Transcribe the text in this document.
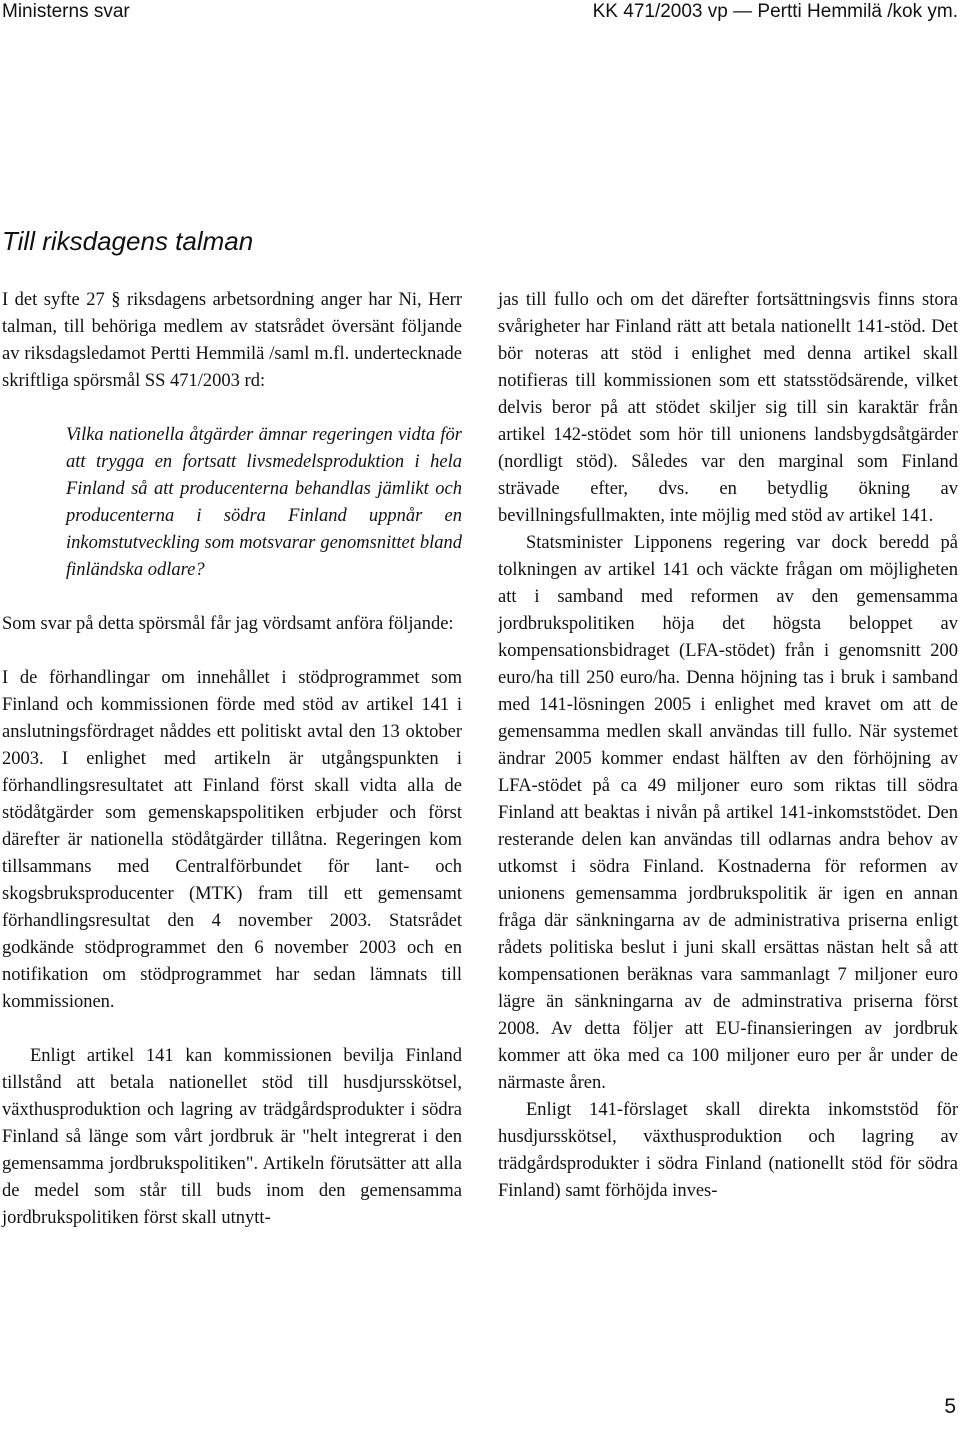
Ministerns svar	KK 471/2003 vp — Pertti Hemmilä /kok ym.
Till riksdagens talman

I det syfte 27 § riksdagens arbetsordning anger har Ni, Herr talman, till behöriga medlem av statsrådet översänt följande av riksdagsledamot Pertti Hemmilä /saml m.fl. undertecknade skriftliga spörsmål SS 471/2003 rd:

Vilka nationella åtgärder ämnar regeringen vidta för att trygga en fortsatt livsmedelsproduktion i hela Finland så att producenterna behandlas jämlikt och producenterna i södra Finland uppnår en inkomstutveckling som motsvarar genomsnittet bland finländska odlare?

Som svar på detta spörsmål får jag vördsamt anföra följande:

I de förhandlingar om innehållet i stödprogrammet som Finland och kommissionen förde med stöd av artikel 141 i anslutningsfördraget nåddes ett politiskt avtal den 13 oktober 2003. I enlighet med artikeln är utgångspunkten i förhandlingsresultatet att Finland först skall vidta alla de stödåtgärder som gemenskapspolitiken erbjuder och först därefter är nationella stödåtgärder tillåtna. Regeringen kom tillsammans med Centralförbundet för lant- och skogsbruksproducenter (MTK) fram till ett gemensamt förhandlingsresultat den 4 november 2003. Statsrådet godkände stödprogrammet den 6 november 2003 och en notifikation om stödprogrammet har sedan lämnats till kommissionen.

Enligt artikel 141 kan kommissionen bevilja Finland tillstånd att betala nationellet stöd till husdjursskötsel, växthusproduktion och lagring av trädgårdsprodukter i södra Finland så länge som vårt jordbruk är "helt integrerat i den gemensamma jordbrukspolitiken". Artikeln förutsätter att alla de medel som står till buds inom den gemensamma jordbrukspolitiken först skall utnytt-

jas till fullo och om det därefter fortsättningsvis finns stora svårigheter har Finland rätt att betala nationellt 141-stöd. Det bör noteras att stöd i enlighet med denna artikel skall notifieras till kommissionen som ett statsstödsärende, vilket delvis beror på att stödet skiljer sig till sin karaktär från artikel 142-stödet som hör till unionens landsbygdsåtgärder (nordligt stöd). Således var den marginal som Finland strävade efter, dvs. en betydlig ökning av bevillningsfullmakten, inte möjlig med stöd av artikel 141.

Statsminister Lipponens regering var dock beredd på tolkningen av artikel 141 och väckte frågan om möjligheten att i samband med reformen av den gemensamma jordbrukspolitiken höja det högsta beloppet av kompensationsbidraget (LFA-stödet) från i genomsnitt 200 euro/ha till 250 euro/ha. Denna höjning tas i bruk i samband med 141-lösningen 2005 i enlighet med kravet om att de gemensamma medlen skall användas till fullo. När systemet ändrar 2005 kommer endast hälften av den förhöjning av LFA-stödet på ca 49 miljoner euro som riktas till södra Finland att beaktas i nivån på artikel 141-inkomststödet. Den resterande delen kan användas till odlarnas andra behov av utkomst i södra Finland. Kostnaderna för reformen av unionens gemensamma jordbrukspolitik är igen en annan fråga där sänkningarna av de administrativa priserna enligt rådets politiska beslut i juni skall ersättas nästan helt så att kompensationen beräknas vara sammanlagt 7 miljoner euro lägre än sänkningarna av de adminstrativa priserna först 2008. Av detta följer att EU-finansieringen av jordbruk kommer att öka med ca 100 miljoner euro per år under de närmaste åren.

Enligt 141-förslaget skall direkta inkomststöd för husdjursskötsel, växthusproduktion och lagring av trädgårdsprodukter i södra Finland (nationellt stöd för södra Finland) samt förhöjda inves-

5
